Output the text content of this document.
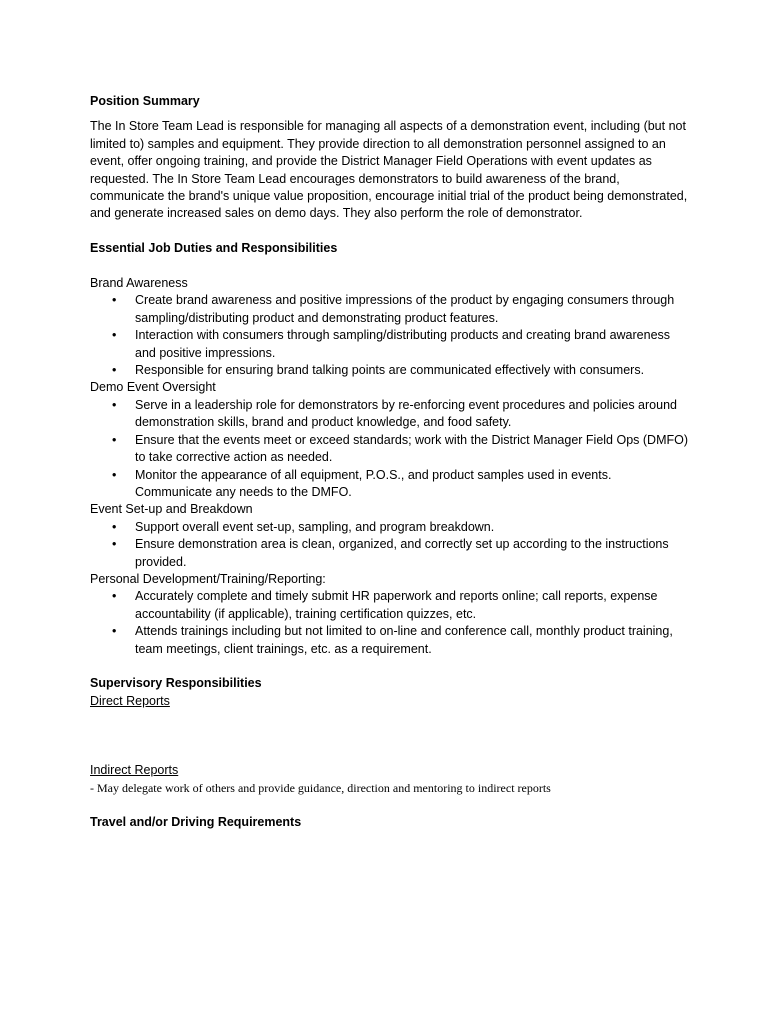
Position Summary

The In Store Team Lead is responsible for managing all aspects of a demonstration event, including (but not limited to) samples and equipment. They provide direction to all demonstration personnel assigned to an event, offer ongoing training, and provide the District Manager Field Operations with event updates as requested. The In Store Team Lead encourages demonstrators to build awareness of the brand, communicate the brand's unique value proposition, encourage initial trial of the product being demonstrated, and generate increased sales on demo days. They also perform the role of demonstrator.

Essential Job Duties and Responsibilities

Brand Awareness

• Create brand awareness and positive impressions of the product by engaging consumers through sampling/distributing product and demonstrating product features.
• Interaction with consumers through sampling/distributing products and creating brand awareness and positive impressions.
• Responsible for ensuring brand talking points are communicated effectively with consumers.

Demo Event Oversight

• Serve in a leadership role for demonstrators by re-enforcing event procedures and policies around demonstration skills, brand and product knowledge, and food safety.
• Ensure that the events meet or exceed standards; work with the District Manager Field Ops (DMFO) to take corrective action as needed.
• Monitor the appearance of all equipment, P.O.S., and product samples used in events. Communicate any needs to the DMFO.

Event Set-up and Breakdown

• Support overall event set-up, sampling, and program breakdown.
• Ensure demonstration area is clean, organized, and correctly set up according to the instructions provided.

Personal Development/Training/Reporting:

• Accurately complete and timely submit HR paperwork and reports online; call reports, expense accountability (if applicable), training certification quizzes, etc.
• Attends trainings including but not limited to on-line and conference call, monthly product training, team meetings, client trainings, etc. as a requirement.

Supervisory Responsibilities

Direct Reports

Indirect Reports

- May delegate work of others and provide guidance, direction and mentoring to indirect reports

Travel and/or Driving Requirements
